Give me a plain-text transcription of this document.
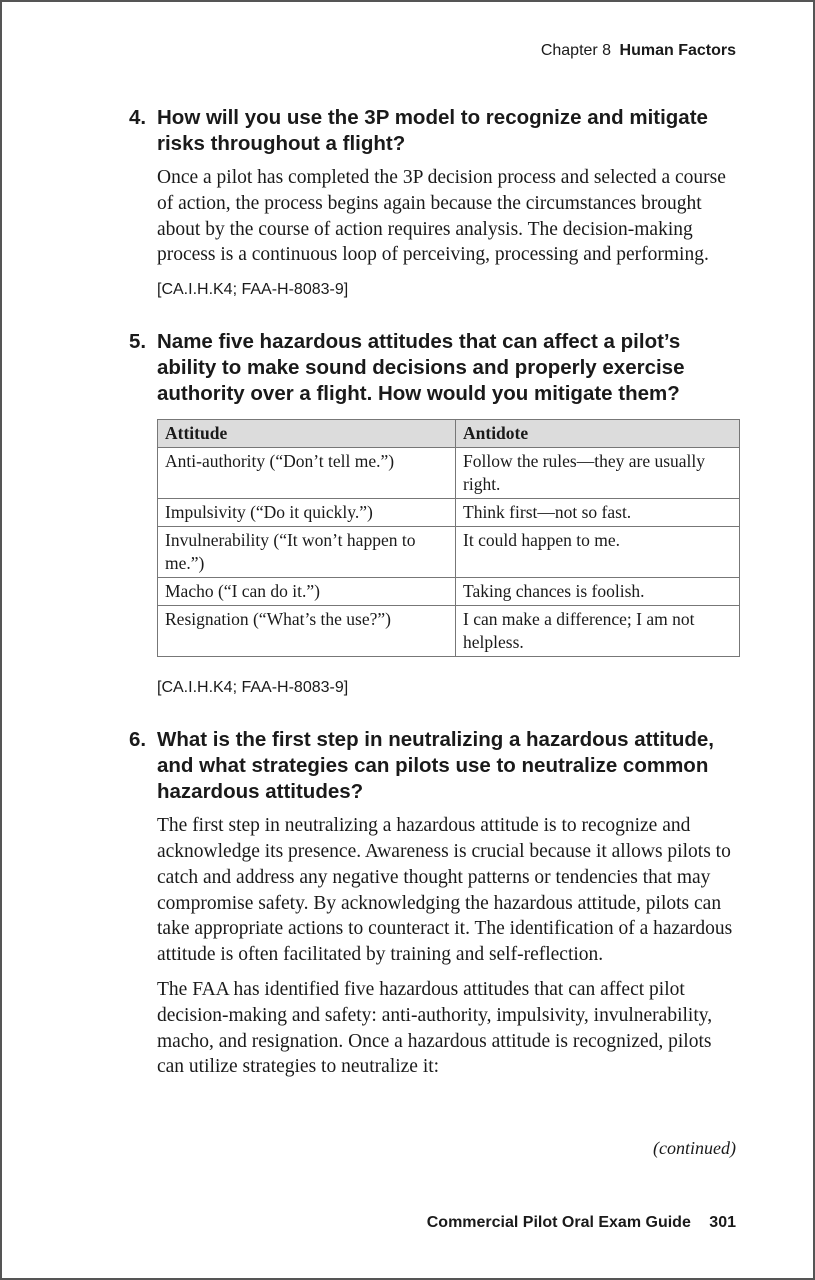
Chapter 8 Human Factors
4. How will you use the 3P model to recognize and mitigate risks throughout a flight?

Once a pilot has completed the 3P decision process and selected a course of action, the process begins again because the circumstances brought about by the course of action requires analysis. The decision-making process is a continuous loop of perceiving, processing and performing.

[CA.I.H.K4; FAA-H-8083-9]
5. Name five hazardous attitudes that can affect a pilot’s ability to make sound decisions and properly exercise authority over a flight. How would you mitigate them?
Attitude	Antidote
Anti-authority (“Don’t tell me.”)	Follow the rules—they are usually right.
Impulsivity (“Do it quickly.”)	Think first—not so fast.
Invulnerability (“It won’t happen to me.”)	It could happen to me.
Macho (“I can do it.”)	Taking chances is foolish.
Resignation (“What’s the use?”)	I can make a difference; I am not helpless.
[CA.I.H.K4; FAA-H-8083-9]
6. What is the first step in neutralizing a hazardous attitude, and what strategies can pilots use to neutralize common hazardous attitudes?

The first step in neutralizing a hazardous attitude is to recognize and acknowledge its presence. Awareness is crucial because it allows pilots to catch and address any negative thought patterns or tendencies that may compromise safety. By acknowledging the hazardous attitude, pilots can take appropriate actions to counteract it. The identification of a hazardous attitude is often facilitated by training and self-reflection.

The FAA has identified five hazardous attitudes that can affect pilot decision-making and safety: anti-authority, impulsivity, invulnerability, macho, and resignation. Once a hazardous attitude is recognized, pilots can utilize strategies to neutralize it:

(continued)
Commercial Pilot Oral Exam Guide 301
